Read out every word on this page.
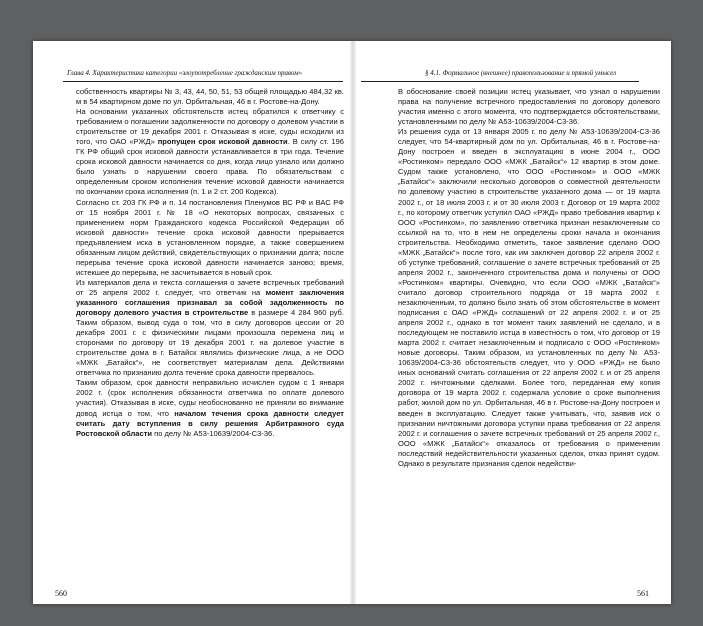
Глава 4. Характеристика категории «злоупотребление гражданским правом»

собственность квартиры № 3, 43, 44, 50, 51, 53 общей площадью 484,32 кв. м в 54 квартирном доме по ул. Орбитальная, 46 в г. Ростове-на-Дону.

На основании указанных обстоятельств истец обратился к ответчику с требованием о погашении задолженности по договору о долевом участии в строительстве от 19 декабря 2001 г. Отказывая в иске, суды исходили из того, что ОАО «РЖД» пропущен срок исковой давности. В силу ст. 196 ГК РФ общий срок исковой давности устанавливается в три года. Течение срока исковой давности начинается со дня, когда лицо узнало или должно было узнать о нарушении своего права. По обязательствам с определенным сроком исполнения течение исковой давности начинается по окончании срока исполнения (п. 1 и 2 ст. 200 Кодекса).

Согласно ст. 203 ГК РФ и п. 14 постановления Пленумов ВС РФ и ВАС РФ от 15 ноября 2001 г. № 18 «О некоторых вопросах, связанных с применением норм Гражданского кодекса Российской Федерации об исковой давности» течение срока исковой давности прерывается предъявлением иска в установленном порядке, а также совершением обязанным лицом действий, свидетельствующих о признании долга; после перерыва течение срока исковой давности начинается заново; время, истекшее до перерыва, не засчитывается в новый срок.

Из материалов дела и текста соглашения о зачете встречных требований от 25 апреля 2002 г. следует, что ответчик на момент заключения указанного соглашения признавал за собой задолженность по договору долевого участия в строительстве в размере 4 284 960 руб. Таким образом, вывод суда о том, что в силу договоров цессии от 20 декабря 2001 г. с физическими лицами произошла перемена лиц и сторонами по договору от 19 декабря 2001 г. на долевое участие в строительстве дома в г. Батайск являлись физические лица, а не ООО «МЖК „Батайск“», не соответствует материалам дела. Действиями ответчика по признанию долга течение срока давности прервалось.

Таким образом, срок давности неправильно исчислен судом с 1 января 2002 г. (срок исполнения обязанности ответчика по оплате долевого участия). Отказывая в иске, суды необоснованно не приняли во внимание довод истца о том, что началом течения срока давности следует считать дату вступления в силу решения Арбитражного суда Ростовской области по делу № А53-10639/2004-С3-36.

560
§ 4.1. Формальное (внешнее) правопользование и прямой умысел

В обоснование своей позиции истец указывает, что узнал о нарушении права на получение встречного предоставления по договору долевого участия именно с этого момента, что подтверждается обстоятельствами, установленными по делу № А53-10639/2004-С3-36.

Из решения суда от 13 января 2005 г. по делу № А53-10639/2004-С3-36 следует, что 54-квартирный дом по ул. Орбитальная, 46 в г. Ростове-на-Дону построен и введен в эксплуатацию в июне 2004 г., ООО «Ростинком» передало ООО «МЖК „Батайск“» 12 квартир в этом доме. Судом также установлено, что ООО «Ростинком» и ООО «МЖК „Батайск“» заключили несколько договоров о совместной деятельности по долевому участию в строительстве указанного дома — от 19 марта 2002 г., от 18 июля 2003 г. и от 30 июля 2003 г. Договор от 19 марта 2002 г., по которому ответчик уступил ОАО «РЖД» право требования квартир к ООО «Ростинком», по заявлению ответчика признан незаключенным со ссылкой на то, что в нем не определены сроки начала и окончания строительства. Необходимо отметить, такое заявление сделано ООО «МЖК „Батайск“» после того, как им заключен договор 22 апреля 2002 г. об уступке требований, соглашение о зачете встречных требований от 25 апреля 2002 г., законченного строительства дома и получены от ООО «Ростинком» квартиры. Очевидно, что если ООО «МЖК „Батайск“» считало договор строительного подряда от 19 марта 2002 г. незаключенным, то должно было знать об этом обстоятельстве в момент подписания с ОАО «РЖД» соглашений от 22 апреля 2002 г. и от 25 апреля 2002 г., однако в тот момент таких заявлений не сделало, и в последующем не поставило истца в известность о том, что договор от 19 марта 2002 г. считает незаключенным и подписало с ООО «Ростинком» новые договоры. Таким образом, из установленных по делу № А53-10639/2004-С3-36 обстоятельств следует, что у ООО «РЖД» не было иных оснований считать соглашения от 22 апреля 2002 г. и от 25 апреля 2002 г. ничтожными сделками. Более того, переданная ему копия договора от 19 марта 2002 г. содержала условие о сроке выполнения работ, жилой дом по ул. Орбитальная, 46 в г. Ростове-на-Дону построен и введен в эксплуатацию. Следует также учитывать, что, заявив иск о признании ничтожными договора уступки права требования от 22 апреля 2002 г. и соглашения о зачете встречных требований от 25 апреля 2002 г., ООО «МЖК „Батайск“» отказалось от требования о применении последствий недействительности указанных сделок, отказ принят судом. Однако в результате признания сделок недействи-

561
